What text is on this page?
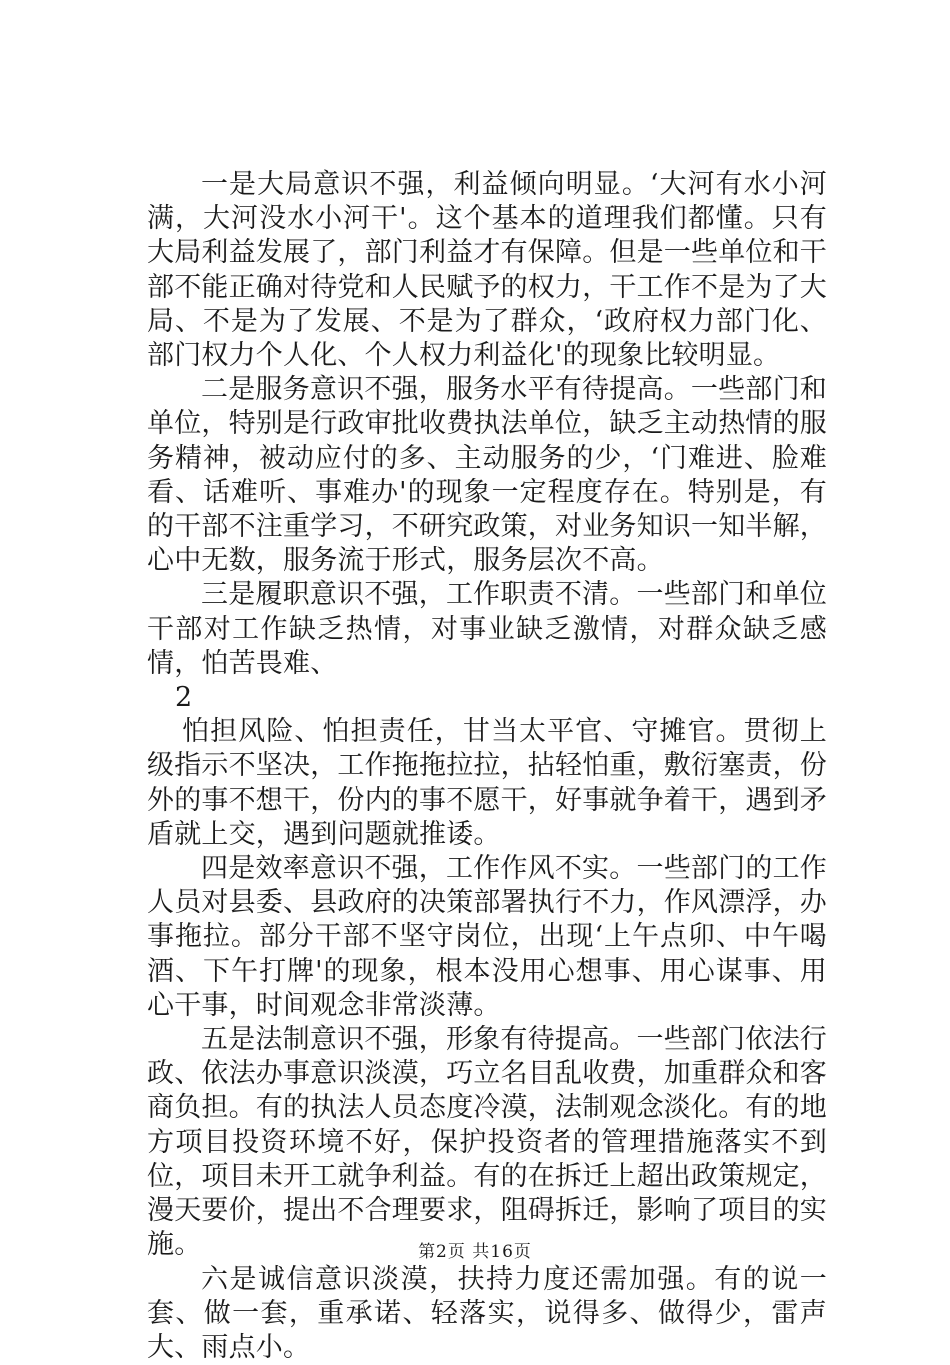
一是大局意识不强，利益倾向明显。‘大河有水小河满，大河没水小河干'。这个基本的道理我们都懂。只有大局利益发展了，部门利益才有保障。但是一些单位和干部不能正确对待党和人民赋予的权力，干工作不是为了大局、不是为了发展、不是为了群众，‘政府权力部门化、部门权力个人化、个人权力利益化'的现象比较明显。

二是服务意识不强，服务水平有待提高。一些部门和单位，特别是行政审批收费执法单位，缺乏主动热情的服务精神，被动应付的多、主动服务的少，‘门难进、脸难看、话难听、事难办'的现象一定程度存在。特别是，有的干部不注重学习，不研究政策，对业务知识一知半解，心中无数，服务流于形式，服务层次不高。

三是履职意识不强，工作职责不清。一些部门和单位干部对工作缺乏热情，对事业缺乏激情，对群众缺乏感情，怕苦畏难、

2

怕担风险、怕担责任，甘当太平官、守摊官。贯彻上级指示不坚决，工作拖拖拉拉，拈轻怕重，敷衍塞责，份外的事不想干，份内的事不愿干，好事就争着干，遇到矛盾就上交，遇到问题就推诿。

四是效率意识不强，工作作风不实。一些部门的工作人员对县委、县政府的决策部署执行不力，作风漂浮，办事拖拉。部分干部不坚守岗位，出现‘上午点卯、中午喝酒、下午打牌'的现象，根本没用心想事、用心谋事、用心干事，时间观念非常淡薄。

五是法制意识不强，形象有待提高。一些部门依法行政、依法办事意识淡漠，巧立名目乱收费，加重群众和客商负担。有的执法人员态度冷漠，法制观念淡化。有的地方项目投资环境不好，保护投资者的管理措施落实不到位，项目未开工就争利益。有的在拆迁上超出政策规定，漫天要价，提出不合理要求，阻碍拆迁，影响了项目的实施。

六是诚信意识淡漠，扶持力度还需加强。有的说一套、做一套，重承诺、轻落实，说得多、做得少，雷声大、雨点小。

第2页 共16页
